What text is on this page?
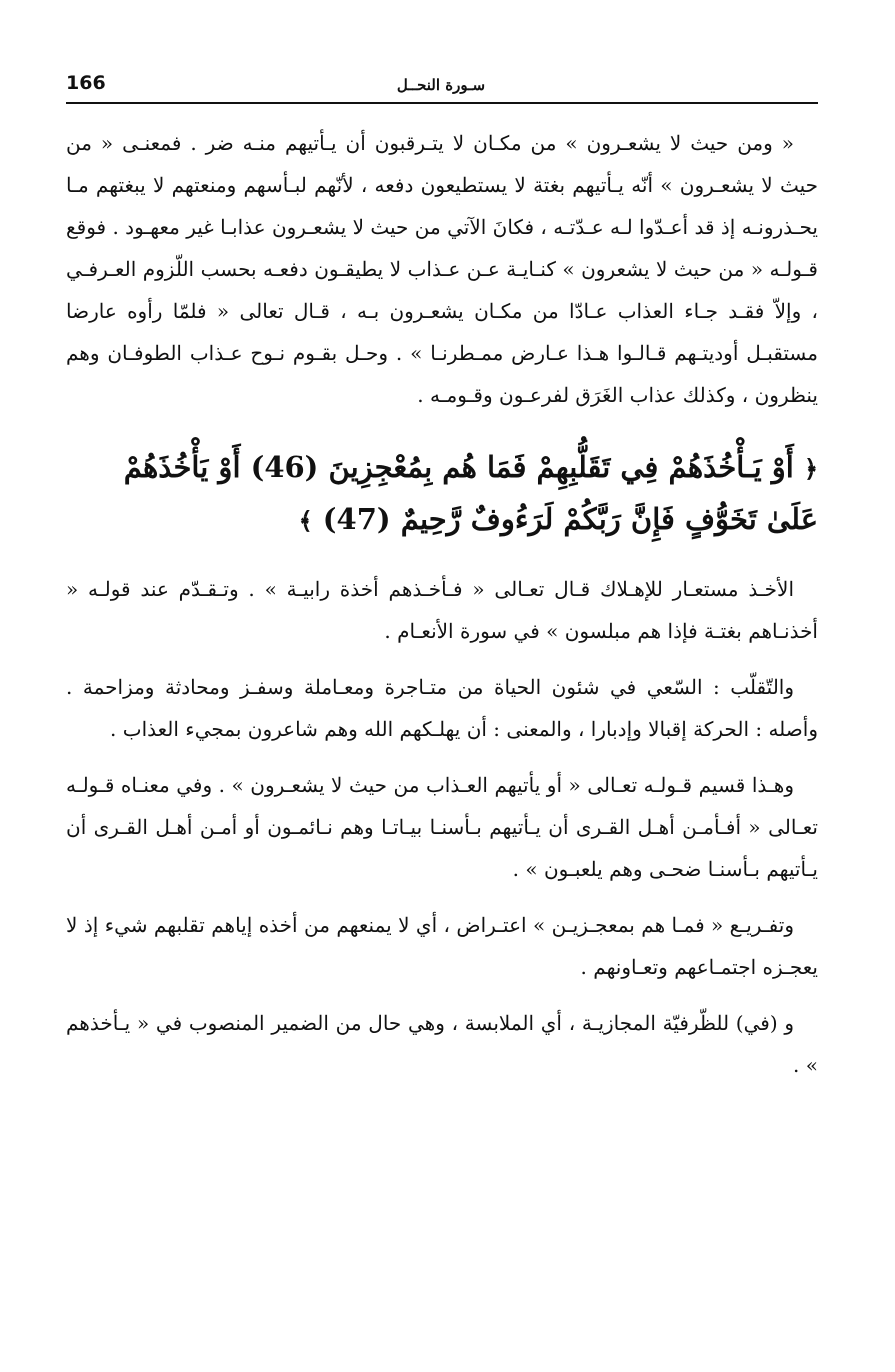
166	سـورة النحــل

« ومن حيث لا يشعـرون » من مكـان لا يتـرقبون أن يـأتيهم منـه ضر . فمعنـى « من حيث لا يشعـرون » أنّه يـأتيهم بغتة لا يستطيعون دفعه ، لأنّهم لبـأسهم ومنعتهم لا يبغتهم مـا يحـذرونـه إذ قد أعـدّوا لـه عـدّتـه ، فكانَ الآتي من حيث لا يشعـرون عذابـا غير معهـود . فوقع قـولـه « من حيث لا يشعرون » كنـايـة عـن عـذاب لا يطيقـون دفعـه بحسب اللّزوم العـرفـي ، وإلاّ فقـد جـاء العذاب عـادّا من مكـان يشعـرون بـه ، قـال تعالى « فلمّا رأوه عارضا مستقبـل أوديتـهم قـالـوا هـذا عـارض ممـطرنـا » . وحـل بقـوم نـوح عـذاب الطوفـان وهم ينظرون ، وكذلك عذاب الغَرَق لفرعـون وقـومـه .

﴿ أَوْ يَـأْخُذَهُمْ فِي تَقَلُّبِهِمْ فَمَا هُم بِمُعْجِزِينَ (46) أَوْ يَأْخُذَهُمْ
عَلَىٰ تَخَوُّفٍ فَإِنَّ رَبَّكُمْ لَرَءُوفٌ رَّحِيمٌ (47) ﴾

الأخـذ مستعـار للإهـلاك قـال تعـالى « فـأخـذهم أخذة رابيـة » . وتـقـدّم عند قولـه « أخذنـاهم بغتـة فإذا هم مبلسون » في سورة الأنعـام .

والتّقلّب : السّعي في شئون الحياة من متـاجرة ومعـاملة وسفـز ومحادثة ومزاحمة . وأصله : الحركة إقبالا وإدبارا ، والمعنى : أن يهلـكهم الله وهم شاعرون بمجيء العذاب .

وهـذا قسيم قـولـه تعـالى « أو يأتيهم العـذاب من حيث لا يشعـرون » . وفي معنـاه قـولـه تعـالى « أفـأمـن أهـل القـرى أن يـأتيهم بـأسنـا بيـاتـا وهم نـائمـون أو أمـن أهـل القـرى أن يـأتيهم بـأسنـا ضحـى وهم يلعبـون » .

وتفـريـع « فمـا هم بمعجـزيـن » اعتـراض ، أي لا يمنعهم من أخذه إياهم تقلبهم شيء إذ لا يعجـزه اجتمـاعهم وتعـاونهم .

و (في) للظّرفيّة المجازيـة ، أي الملابسة ، وهي حال من الضمير المنصوب في « يـأخذهم » .
